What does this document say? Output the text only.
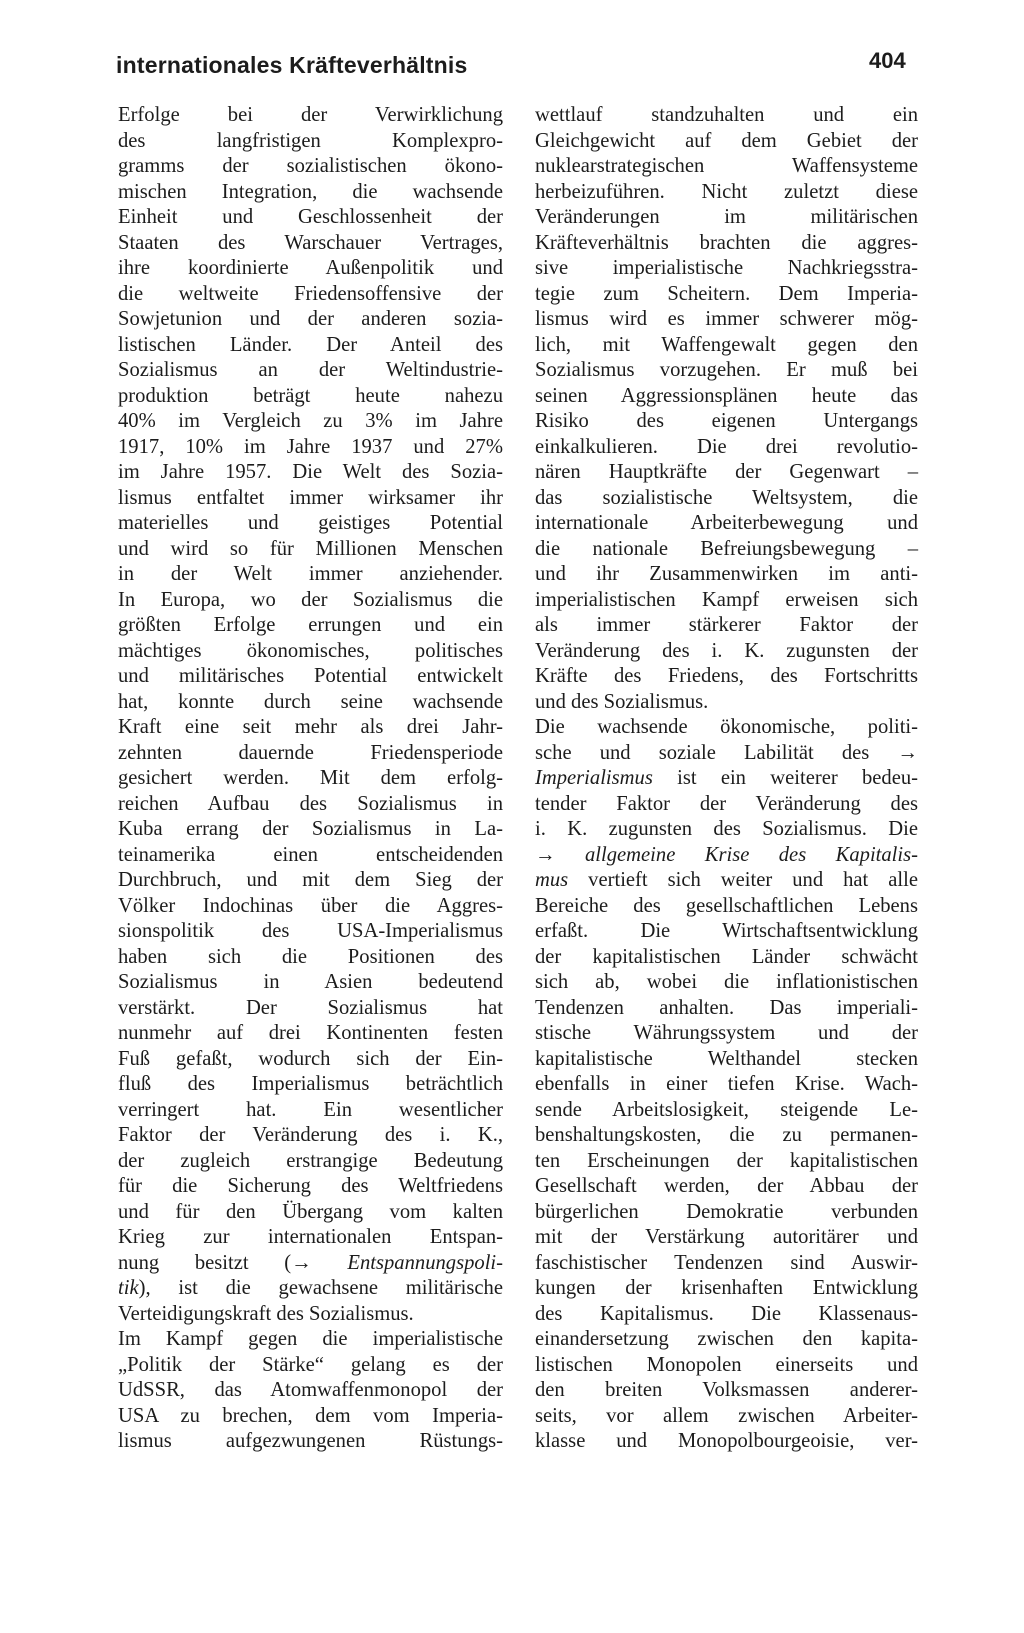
internationales Kräfteverhältnis	404
Erfolge bei der Verwirklichung
des langfristigen Komplexpro-
gramms der sozialistischen ökono-
mischen Integration, die wachsende
Einheit und Geschlossenheit der
Staaten des Warschauer Vertrages,
ihre koordinierte Außenpolitik und
die weltweite Friedensoffensive der
Sowjetunion und der anderen sozia-
listischen Länder. Der Anteil des
Sozialismus an der Weltindustrie-
produktion beträgt heute nahezu
40% im Vergleich zu 3% im Jahre
1917, 10% im Jahre 1937 und 27%
im Jahre 1957. Die Welt des Sozia-
lismus entfaltet immer wirksamer ihr
materielles und geistiges Potential
und wird so für Millionen Menschen
in der Welt immer anziehender.
In Europa, wo der Sozialismus die
größten Erfolge errungen und ein
mächtiges ökonomisches, politisches
und militärisches Potential entwickelt
hat, konnte durch seine wachsende
Kraft eine seit mehr als drei Jahr-
zehnten dauernde Friedensperiode
gesichert werden. Mit dem erfolg-
reichen Aufbau des Sozialismus in
Kuba errang der Sozialismus in La-
teinamerika einen entscheidenden
Durchbruch, und mit dem Sieg der
Völker Indochinas über die Aggres-
sionspolitik des USA-Imperialismus
haben sich die Positionen des
Sozialismus in Asien bedeutend
verstärkt. Der Sozialismus hat
nunmehr auf drei Kontinenten festen
Fuß gefaßt, wodurch sich der Ein-
fluß des Imperialismus beträchtlich
verringert hat. Ein wesentlicher
Faktor der Veränderung des i. K.,
der zugleich erstrangige Bedeutung
für die Sicherung des Weltfriedens
und für den Übergang vom kalten
Krieg zur internationalen Entspan-
nung besitzt (→ Entspannungspoli-
tik), ist die gewachsene militärische
Verteidigungskraft des Sozialismus.
Im Kampf gegen die imperialistische
„Politik der Stärke“ gelang es der
UdSSR, das Atomwaffenmonopol der
USA zu brechen, dem vom Imperia-
lismus aufgezwungenen Rüstungs-
wettlauf standzuhalten und ein
Gleichgewicht auf dem Gebiet der
nuklearstrategischen Waffensysteme
herbeizuführen. Nicht zuletzt diese
Veränderungen im militärischen
Kräfteverhältnis brachten die aggres-
sive imperialistische Nachkriegsstra-
tegie zum Scheitern. Dem Imperia-
lismus wird es immer schwerer mög-
lich, mit Waffengewalt gegen den
Sozialismus vorzugehen. Er muß bei
seinen Aggressionsplänen heute das
Risiko des eigenen Untergangs
einkalkulieren. Die drei revolutio-
nären Hauptkräfte der Gegenwart –
das sozialistische Weltsystem, die
internationale Arbeiterbewegung und
die nationale Befreiungsbewegung –
und ihr Zusammenwirken im anti-
imperialistischen Kampf erweisen sich
als immer stärkerer Faktor der
Veränderung des i. K. zugunsten der
Kräfte des Friedens, des Fortschritts
und des Sozialismus.
Die wachsende ökonomische, politi-
sche und soziale Labilität des →
Imperialismus ist ein weiterer bedeu-
tender Faktor der Veränderung des
i. K. zugunsten des Sozialismus. Die
→ allgemeine Krise des Kapitalis-
mus vertieft sich weiter und hat alle
Bereiche des gesellschaftlichen Lebens
erfaßt. Die Wirtschaftsentwicklung
der kapitalistischen Länder schwächt
sich ab, wobei die inflationistischen
Tendenzen anhalten. Das imperiali-
stische Währungssystem und der
kapitalistische Welthandel stecken
ebenfalls in einer tiefen Krise. Wach-
sende Arbeitslosigkeit, steigende Le-
benshaltungskosten, die zu permanen-
ten Erscheinungen der kapitalistischen
Gesellschaft werden, der Abbau der
bürgerlichen Demokratie verbunden
mit der Verstärkung autoritärer und
faschistischer Tendenzen sind Auswir-
kungen der krisenhaften Entwicklung
des Kapitalismus. Die Klassenaus-
einandersetzung zwischen den kapita-
listischen Monopolen einerseits und
den breiten Volksmassen anderer-
seits, vor allem zwischen Arbeiter-
klasse und Monopolbourgeoisie, ver-
